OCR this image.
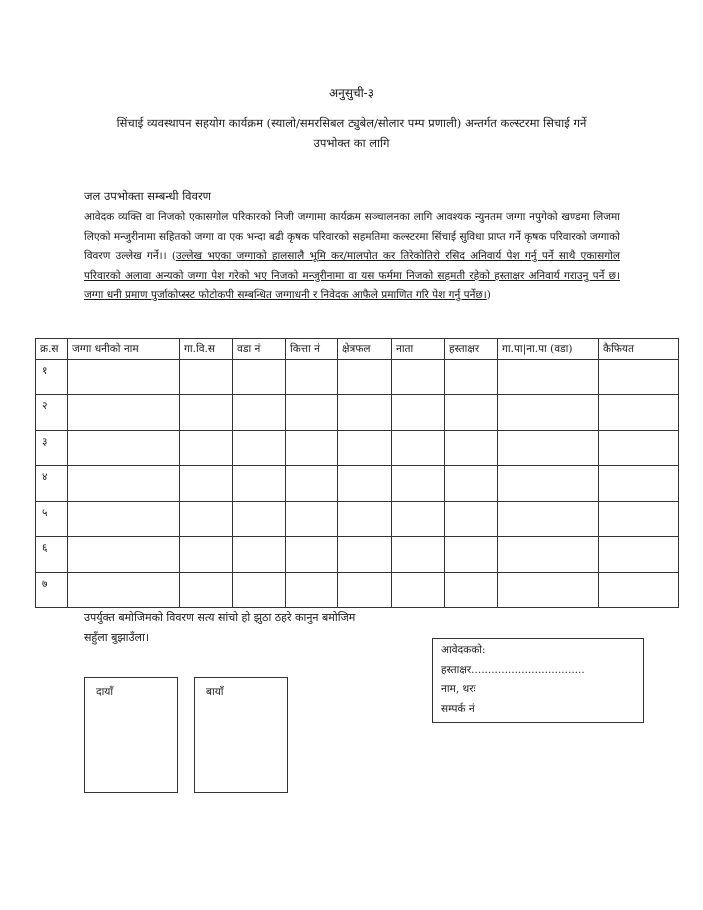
अनुसुची-३
सिंचाई व्यवस्थापन सहयोग कार्यक्रम (स्यालो/समरसिबल ट्युबेल/सोलार पम्प प्रणाली) अन्तर्गत कल्स्टरमा सिचाई गर्ने
उपभोक्त का लागि
जल उपभोक्ता सम्बन्धी विवरण
आवेदक व्यक्ति वा निजको एकासगोल परिकारको निजी जग्गामा कार्यक्रम सञ्चालनका लागि आवश्यक न्युनतम जग्गा नपुगेको खण्डमा लिजमा लिएको मन्जुरीनामा सहितको जग्गा वा एक भन्दा बढी कृषक परिवारको सहमतिमा कल्स्टरमा सिंचाई सुविधा प्राप्त गर्ने कृषक परिवारको जग्गाको विवरण उल्लेख गर्ने।। (उल्लेख भएका जग्गाको हालसालै भूमि कर/मालपोत कर तिरेकोतिरो रसिद अनिवार्य पेश गर्नु पर्ने साथै एकासगोल परिवारको अलावा अन्यको जग्गा पेश गरेको भए निजको मन्जुरीनामा वा यस फर्ममा निजको सहमती रहेको हस्ताक्षर अनिवार्य गराउनु पर्ने छ। जग्गा धनी प्रमाण पुर्जाकोप्स्स्ट फोटोकपी सम्बन्धित जग्गाधनी र निवेदक आफैले प्रमाणित गरि पेश गर्नु पर्नेछ।)
क्र.स	जग्गा धनीको नाम	गा.वि.स	वडा नं	कित्ता नं	क्षेत्रफल	नाता	हस्ताक्षर	गा.पा|ना.पा (वडा)	कैफियत
१									
२									
३									
४									
५									
६									
७									
उपर्युक्त बमोजिमको विवरण सत्य सांचो हो झुठा ठहरे कानुन बमोजिम
सहुँला बुझाउँला।
दायाँ	बायाँ
आवेदकको:
हस्ताक्षर..................................
नाम, थरः
सम्पर्क नं
